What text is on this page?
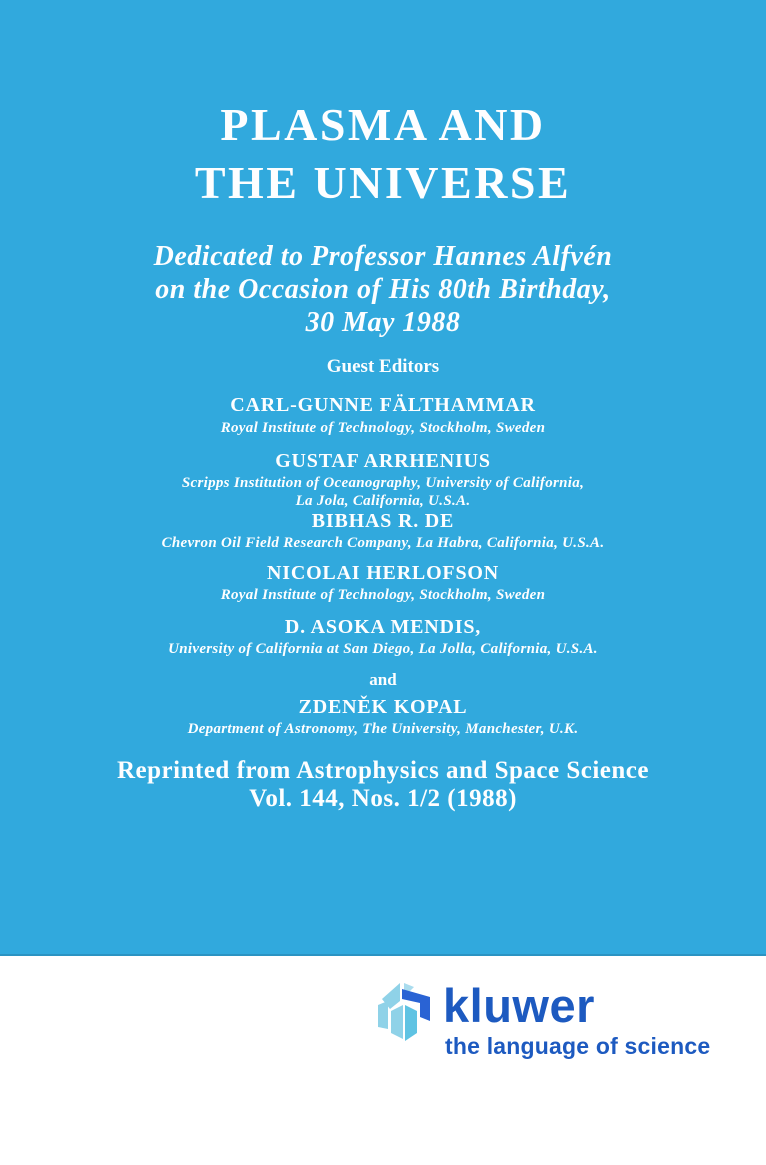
PLASMA AND
THE UNIVERSE
Dedicated to Professor Hannes Alfvén
on the Occasion of His 80th Birthday,
30 May 1988
Guest Editors
CARL-GUNNE FÄLTHAMMAR
Royal Institute of Technology, Stockholm, Sweden
GUSTAF ARRHENIUS
Scripps Institution of Oceanography, University of California,
La Jola, California, U.S.A.
BIBHAS R. DE
Chevron Oil Field Research Company, La Habra, California, U.S.A.
NICOLAI HERLOFSON
Royal Institute of Technology, Stockholm, Sweden
D. ASOKA MENDIS,
University of California at San Diego, La Jolla, California, U.S.A.
and
ZDENĚK KOPAL
Department of Astronomy, The University, Manchester, U.K.
Reprinted from Astrophysics and Space Science
Vol. 144, Nos. 1/2 (1988)
kluwer
the language of science
